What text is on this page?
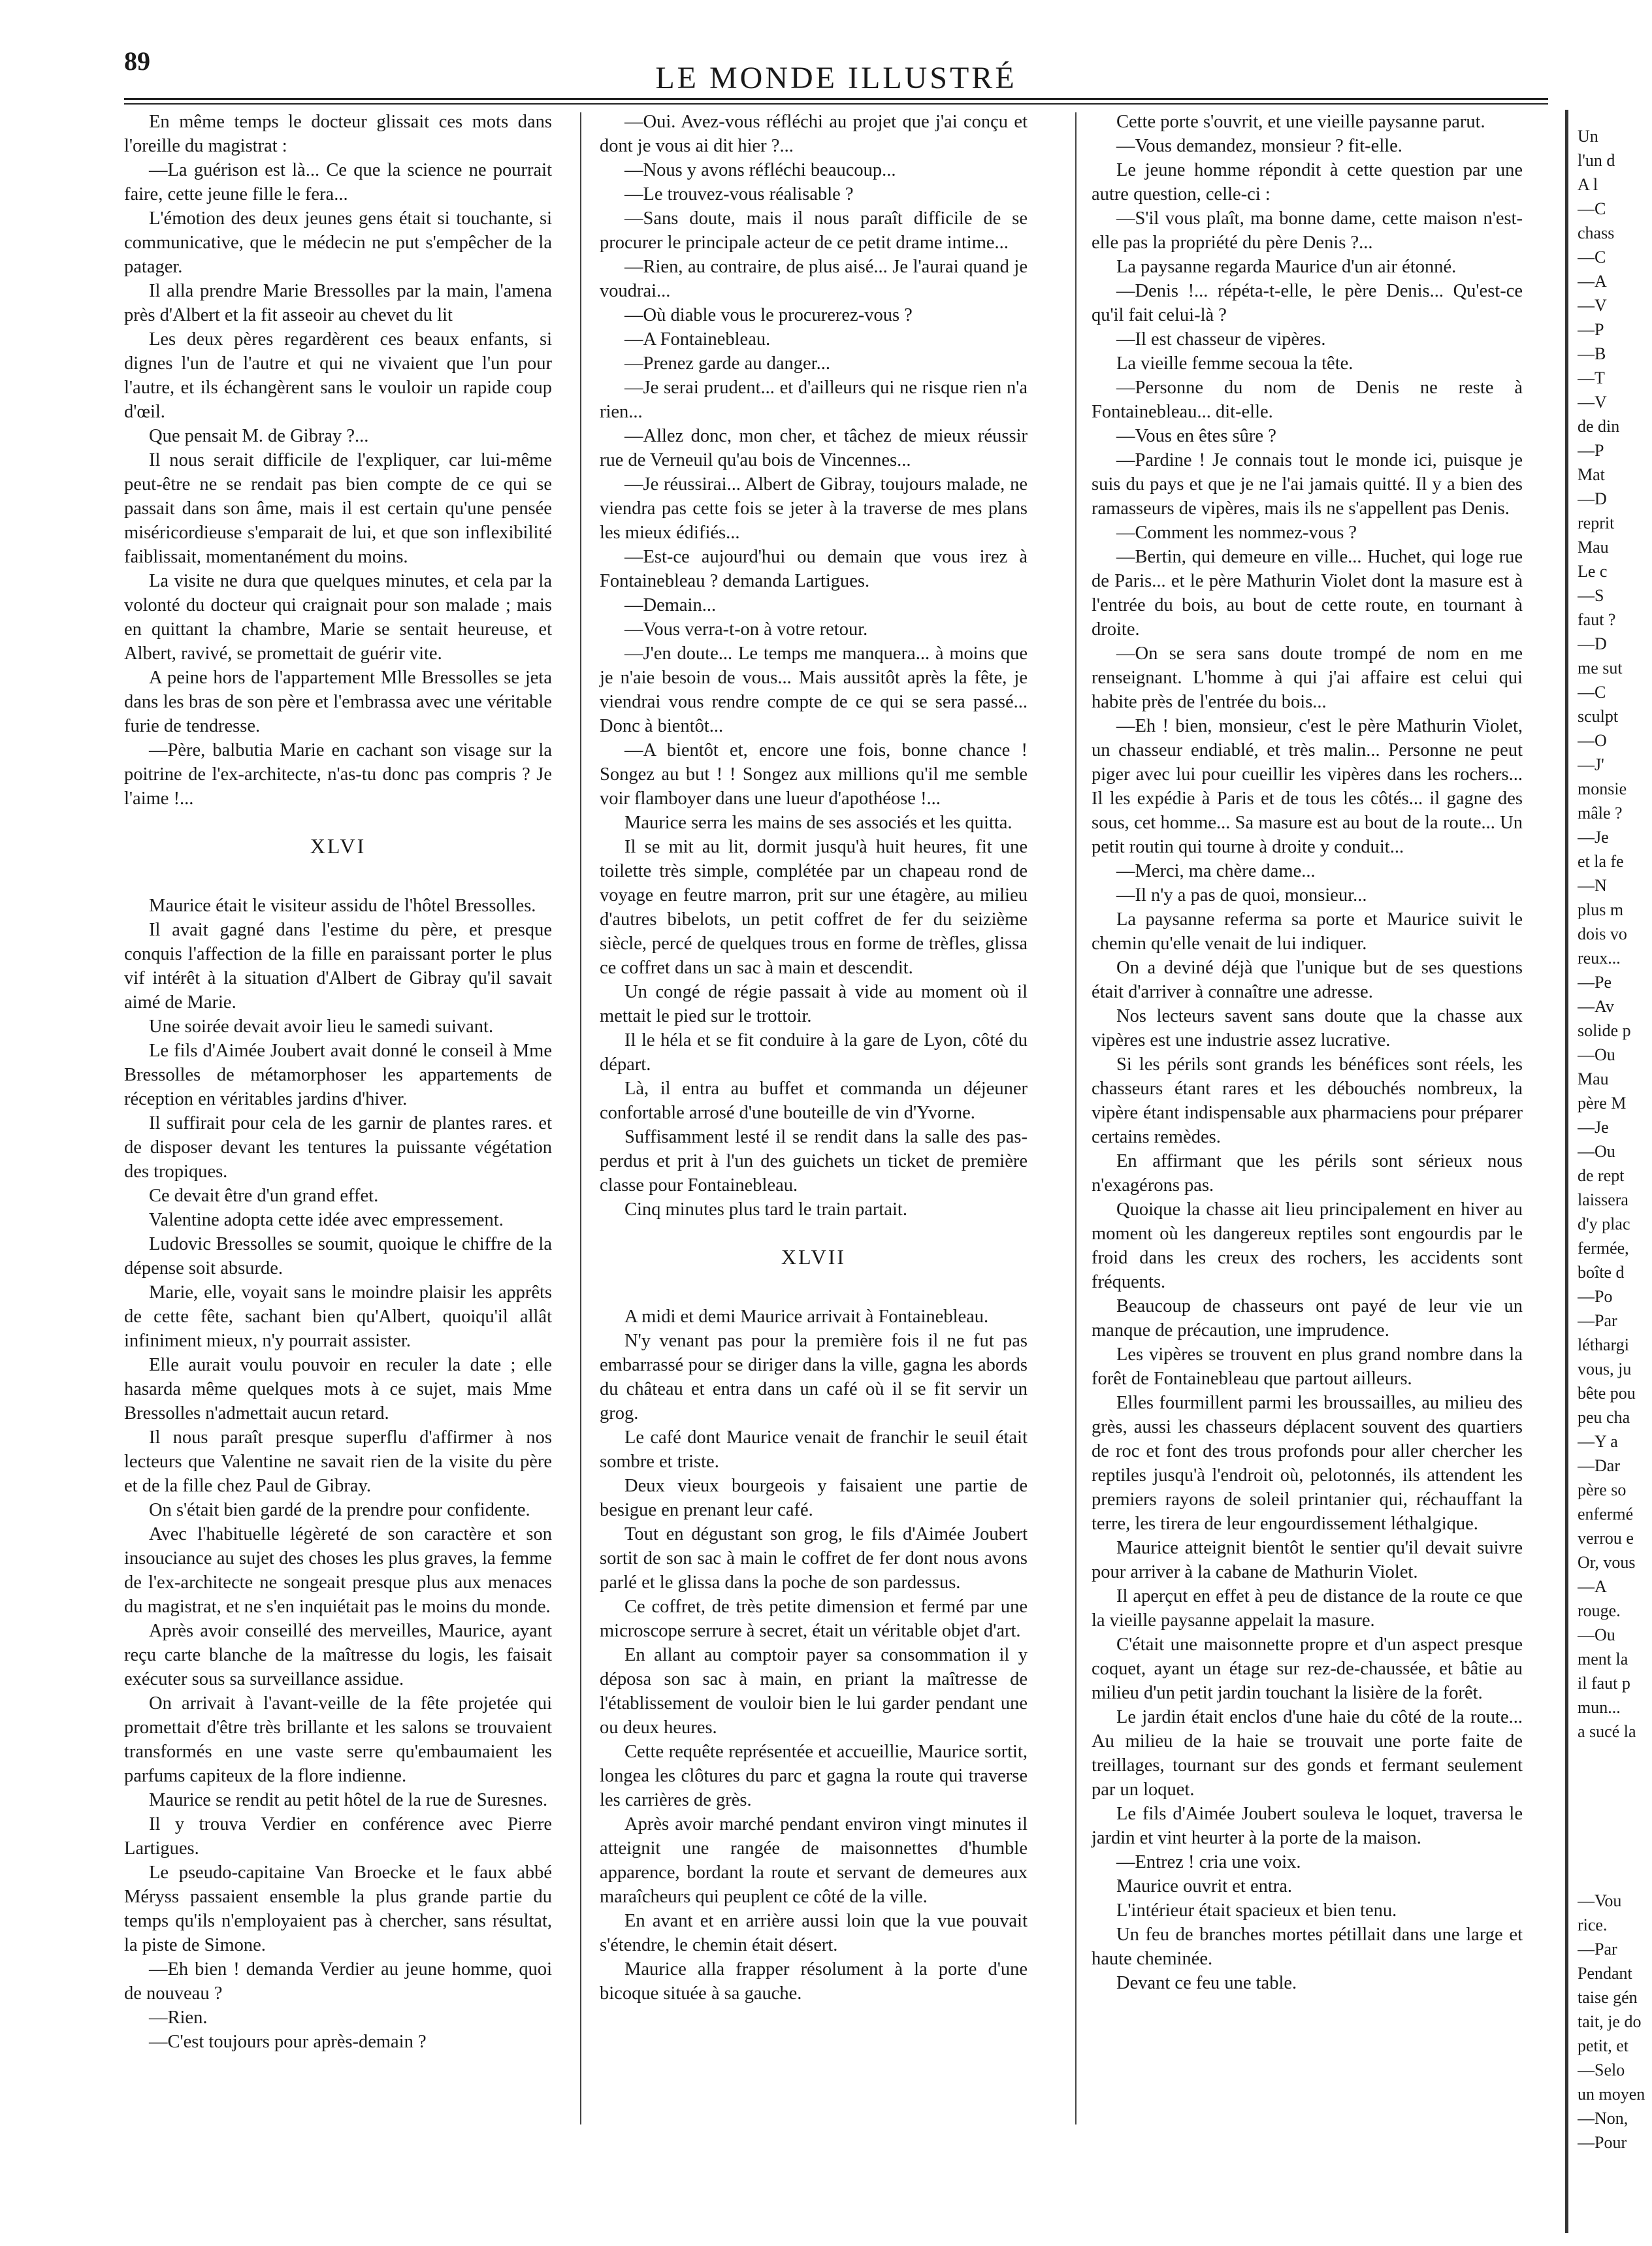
89	LE MONDE ILLUSTRÉ

En même temps le docteur glissait ces mots dans l'oreille du magistrat :

—La guérison est là... Ce que la science ne pourrait faire, cette jeune fille le fera...

L'émotion des deux jeunes gens était si touchante, si communicative, que le médecin ne put s'empêcher de la patager.

Il alla prendre Marie Bressolles par la main, l'amena près d'Albert et la fit asseoir au chevet du lit

Les deux pères regardèrent ces beaux enfants, si dignes l'un de l'autre et qui ne vivaient que l'un pour l'autre, et ils échangèrent sans le vouloir un rapide coup d'œil.

Que pensait M. de Gibray ?...

Il nous serait difficile de l'expliquer, car lui-même peut-être ne se rendait pas bien compte de ce qui se passait dans son âme, mais il est certain qu'une pensée miséricordieuse s'emparait de lui, et que son inflexibilité faiblissait, momentanément du moins.

La visite ne dura que quelques minutes, et cela par la volonté du docteur qui craignait pour son malade ; mais en quittant la chambre, Marie se sentait heureuse, et Albert, ravivé, se promettait de guérir vite.

A peine hors de l'appartement Mlle Bressolles se jeta dans les bras de son père et l'embrassa avec une véritable furie de tendresse.

—Père, balbutia Marie en cachant son visage sur la poitrine de l'ex-architecte, n'as-tu donc pas compris ? Je l'aime !...

XLVI

Maurice était le visiteur assidu de l'hôtel Bressolles.

Il avait gagné dans l'estime du père, et presque conquis l'affection de la fille en paraissant porter le plus vif intérêt à la situation d'Albert de Gibray qu'il savait aimé de Marie.

Une soirée devait avoir lieu le samedi suivant.

Le fils d'Aimée Joubert avait donné le conseil à Mme Bressolles de métamorphoser les appartements de réception en véritables jardins d'hiver.

Il suffirait pour cela de les garnir de plantes rares. et de disposer devant les tentures la puissante végétation des tropiques.

Ce devait être d'un grand effet.

Valentine adopta cette idée avec empressement.

Ludovic Bressolles se soumit, quoique le chiffre de la dépense soit absurde.

Marie, elle, voyait sans le moindre plaisir les apprêts de cette fête, sachant bien qu'Albert, quoiqu'il allât infiniment mieux, n'y pourrait assister.

Elle aurait voulu pouvoir en reculer la date ; elle hasarda même quelques mots à ce sujet, mais Mme Bressolles n'admettait aucun retard.

Il nous paraît presque superflu d'affirmer à nos lecteurs que Valentine ne savait rien de la visite du père et de la fille chez Paul de Gibray.

On s'était bien gardé de la prendre pour confidente.

Avec l'habituelle légèreté de son caractère et son insouciance au sujet des choses les plus graves, la femme de l'ex-architecte ne songeait presque plus aux menaces du magistrat, et ne s'en inquiétait pas le moins du monde.

Après avoir conseillé des merveilles, Maurice, ayant reçu carte blanche de la maîtresse du logis, les faisait exécuter sous sa surveillance assidue.

On arrivait à l'avant-veille de la fête projetée qui promettait d'être très brillante et les salons se trouvaient transformés en une vaste serre qu'embaumaient les parfums capiteux de la flore indienne.

Maurice se rendit au petit hôtel de la rue de Suresnes.

Il y trouva Verdier en conférence avec Pierre Lartigues.

Le pseudo-capitaine Van Broecke et le faux abbé Méryss passaient ensemble la plus grande partie du temps qu'ils n'employaient pas à chercher, sans résultat, la piste de Simone.

—Eh bien ! demanda Verdier au jeune homme, quoi de nouveau ?

—Rien.

—C'est toujours pour après-demain ?

—Oui. Avez-vous réfléchi au projet que j'ai conçu et dont je vous ai dit hier ?...

—Nous y avons réfléchi beaucoup...

—Le trouvez-vous réalisable ?

—Sans doute, mais il nous paraît difficile de se procurer le principale acteur de ce petit drame intime...

—Rien, au contraire, de plus aisé... Je l'aurai quand je voudrai...

—Où diable vous le procurerez-vous ?

—A Fontainebleau.

—Prenez garde au danger...

—Je serai prudent... et d'ailleurs qui ne risque rien n'a rien...

—Allez donc, mon cher, et tâchez de mieux réussir rue de Verneuil qu'au bois de Vincennes...

—Je réussirai... Albert de Gibray, toujours malade, ne viendra pas cette fois se jeter à la traverse de mes plans les mieux édifiés...

—Est-ce aujourd'hui ou demain que vous irez à Fontainebleau ? demanda Lartigues.

—Demain...

—Vous verra-t-on à votre retour.

—J'en doute... Le temps me manquera... à moins que je n'aie besoin de vous... Mais aussitôt après la fête, je viendrai vous rendre compte de ce qui se sera passé... Donc à bientôt...

—A bientôt et, encore une fois, bonne chance ! Songez au but ! ! Songez aux millions qu'il me semble voir flamboyer dans une lueur d'apothéose !...

Maurice serra les mains de ses associés et les quitta.

Il se mit au lit, dormit jusqu'à huit heures, fit une toilette très simple, complétée par un chapeau rond de voyage en feutre marron, prit sur une étagère, au milieu d'autres bibelots, un petit coffret de fer du seizième siècle, percé de quelques trous en forme de trèfles, glissa ce coffret dans un sac à main et descendit.

Un congé de régie passait à vide au moment où il mettait le pied sur le trottoir.

Il le héla et se fit conduire à la gare de Lyon, côté du départ.

Là, il entra au buffet et commanda un déjeuner confortable arrosé d'une bouteille de vin d'Yvorne.

Suffisamment lesté il se rendit dans la salle des pas-perdus et prit à l'un des guichets un ticket de première classe pour Fontainebleau.

Cinq minutes plus tard le train partait.

XLVII

A midi et demi Maurice arrivait à Fontainebleau.

N'y venant pas pour la première fois il ne fut pas embarrassé pour se diriger dans la ville, gagna les abords du château et entra dans un café où il se fit servir un grog.

Le café dont Maurice venait de franchir le seuil était sombre et triste.

Deux vieux bourgeois y faisaient une partie de besigue en prenant leur café.

Tout en dégustant son grog, le fils d'Aimée Joubert sortit de son sac à main le coffret de fer dont nous avons parlé et le glissa dans la poche de son pardessus.

Ce coffret, de très petite dimension et fermé par une microscope serrure à secret, était un véritable objet d'art.

En allant au comptoir payer sa consommation il y déposa son sac à main, en priant la maîtresse de l'établissement de vouloir bien le lui garder pendant une ou deux heures.

Cette requête représentée et accueillie, Maurice sortit, longea les clôtures du parc et gagna la route qui traverse les carrières de grès.

Après avoir marché pendant environ vingt minutes il atteignit une rangée de maisonnettes d'humble apparence, bordant la route et servant de demeures aux maraîcheurs qui peuplent ce côté de la ville.

En avant et en arrière aussi loin que la vue pouvait s'étendre, le chemin était désert.

Maurice alla frapper résolument à la porte d'une bicoque située à sa gauche.

Cette porte s'ouvrit, et une vieille paysanne parut.

—Vous demandez, monsieur ? fit-elle.

Le jeune homme répondit à cette question par une autre question, celle-ci :

—S'il vous plaît, ma bonne dame, cette maison n'est-elle pas la propriété du père Denis ?...

La paysanne regarda Maurice d'un air étonné.

—Denis !... répéta-t-elle, le père Denis... Qu'est-ce qu'il fait celui-là ?

—Il est chasseur de vipères.

La vieille femme secoua la tête.

—Personne du nom de Denis ne reste à Fontainebleau... dit-elle.

—Vous en êtes sûre ?

—Pardine ! Je connais tout le monde ici, puisque je suis du pays et que je ne l'ai jamais quitté. Il y a bien des ramasseurs de vipères, mais ils ne s'appellent pas Denis.

—Comment les nommez-vous ?

—Bertin, qui demeure en ville... Huchet, qui loge rue de Paris... et le père Mathurin Violet dont la masure est à l'entrée du bois, au bout de cette route, en tournant à droite.

—On se sera sans doute trompé de nom en me renseignant. L'homme à qui j'ai affaire est celui qui habite près de l'entrée du bois...

—Eh ! bien, monsieur, c'est le père Mathurin Violet, un chasseur endiablé, et très malin... Personne ne peut piger avec lui pour cueillir les vipères dans les rochers... Il les expédie à Paris et de tous les côtés... il gagne des sous, cet homme... Sa masure est au bout de la route... Un petit routin qui tourne à droite y conduit...

—Merci, ma chère dame...

—Il n'y a pas de quoi, monsieur...

La paysanne referma sa porte et Maurice suivit le chemin qu'elle venait de lui indiquer.

On a deviné déjà que l'unique but de ses questions était d'arriver à connaître une adresse.

Nos lecteurs savent sans doute que la chasse aux vipères est une industrie assez lucrative.

Si les périls sont grands les bénéfices sont réels, les chasseurs étant rares et les débouchés nombreux, la vipère étant indispensable aux pharmaciens pour préparer certains remèdes.

En affirmant que les périls sont sérieux nous n'exagérons pas.

Quoique la chasse ait lieu principalement en hiver au moment où les dangereux reptiles sont engourdis par le froid dans les creux des rochers, les accidents sont fréquents.

Beaucoup de chasseurs ont payé de leur vie un manque de précaution, une imprudence.

Les vipères se trouvent en plus grand nombre dans la forêt de Fontainebleau que partout ailleurs.

Elles fourmillent parmi les broussailles, au milieu des grès, aussi les chasseurs déplacent souvent des quartiers de roc et font des trous profonds pour aller chercher les reptiles jusqu'à l'endroit où, pelotonnés, ils attendent les premiers rayons de soleil printanier qui, réchauffant la terre, les tirera de leur engourdissement léthalgique.

Maurice atteignit bientôt le sentier qu'il devait suivre pour arriver à la cabane de Mathurin Violet.

Il aperçut en effet à peu de distance de la route ce que la vieille paysanne appelait la masure.

C'était une maisonnette propre et d'un aspect presque coquet, ayant un étage sur rez-de-chaussée, et bâtie au milieu d'un petit jardin touchant la lisière de la forêt.

Le jardin était enclos d'une haie du côté de la route... Au milieu de la haie se trouvait une porte faite de treillages, tournant sur des gonds et fermant seulement par un loquet.

Le fils d'Aimée Joubert souleva le loquet, traversa le jardin et vint heurter à la porte de la maison.

—Entrez ! cria une voix.

Maurice ouvrit et entra.

L'intérieur était spacieux et bien tenu.

Un feu de branches mortes pétillait dans une large et haute cheminée.

Devant ce feu une table.

Un
l'un d
A l
—C
chass
—C
—A
—V
—P
—B
—T
—V
de din
—P
Mat
—D
reprit
Mau
Le c
—S
faut ?
—D
me sut
—C
sculpt
—O
—J'
monsie
mâle ?
—Je
et la fe
—N
plus m
dois vo
reux...
—Pe
—Av
solide p
—Ou
Mau
père M
—Je
—Ou
de rept
laissera
d'y plac
fermée,
boîte d
—Po
—Par
léthargi
vous, ju
bête pou
peu cha
—Y a
—Dar
père so
enfermé
verrou e
Or, vous
—A
rouge.
—Ou
ment la
il faut p
mun...
a sucé la
—Vou
rice.
—Par
Pendant
taise gén
tait, je do
petit, et
—Selo
un moyen
—Non,
—Pour
